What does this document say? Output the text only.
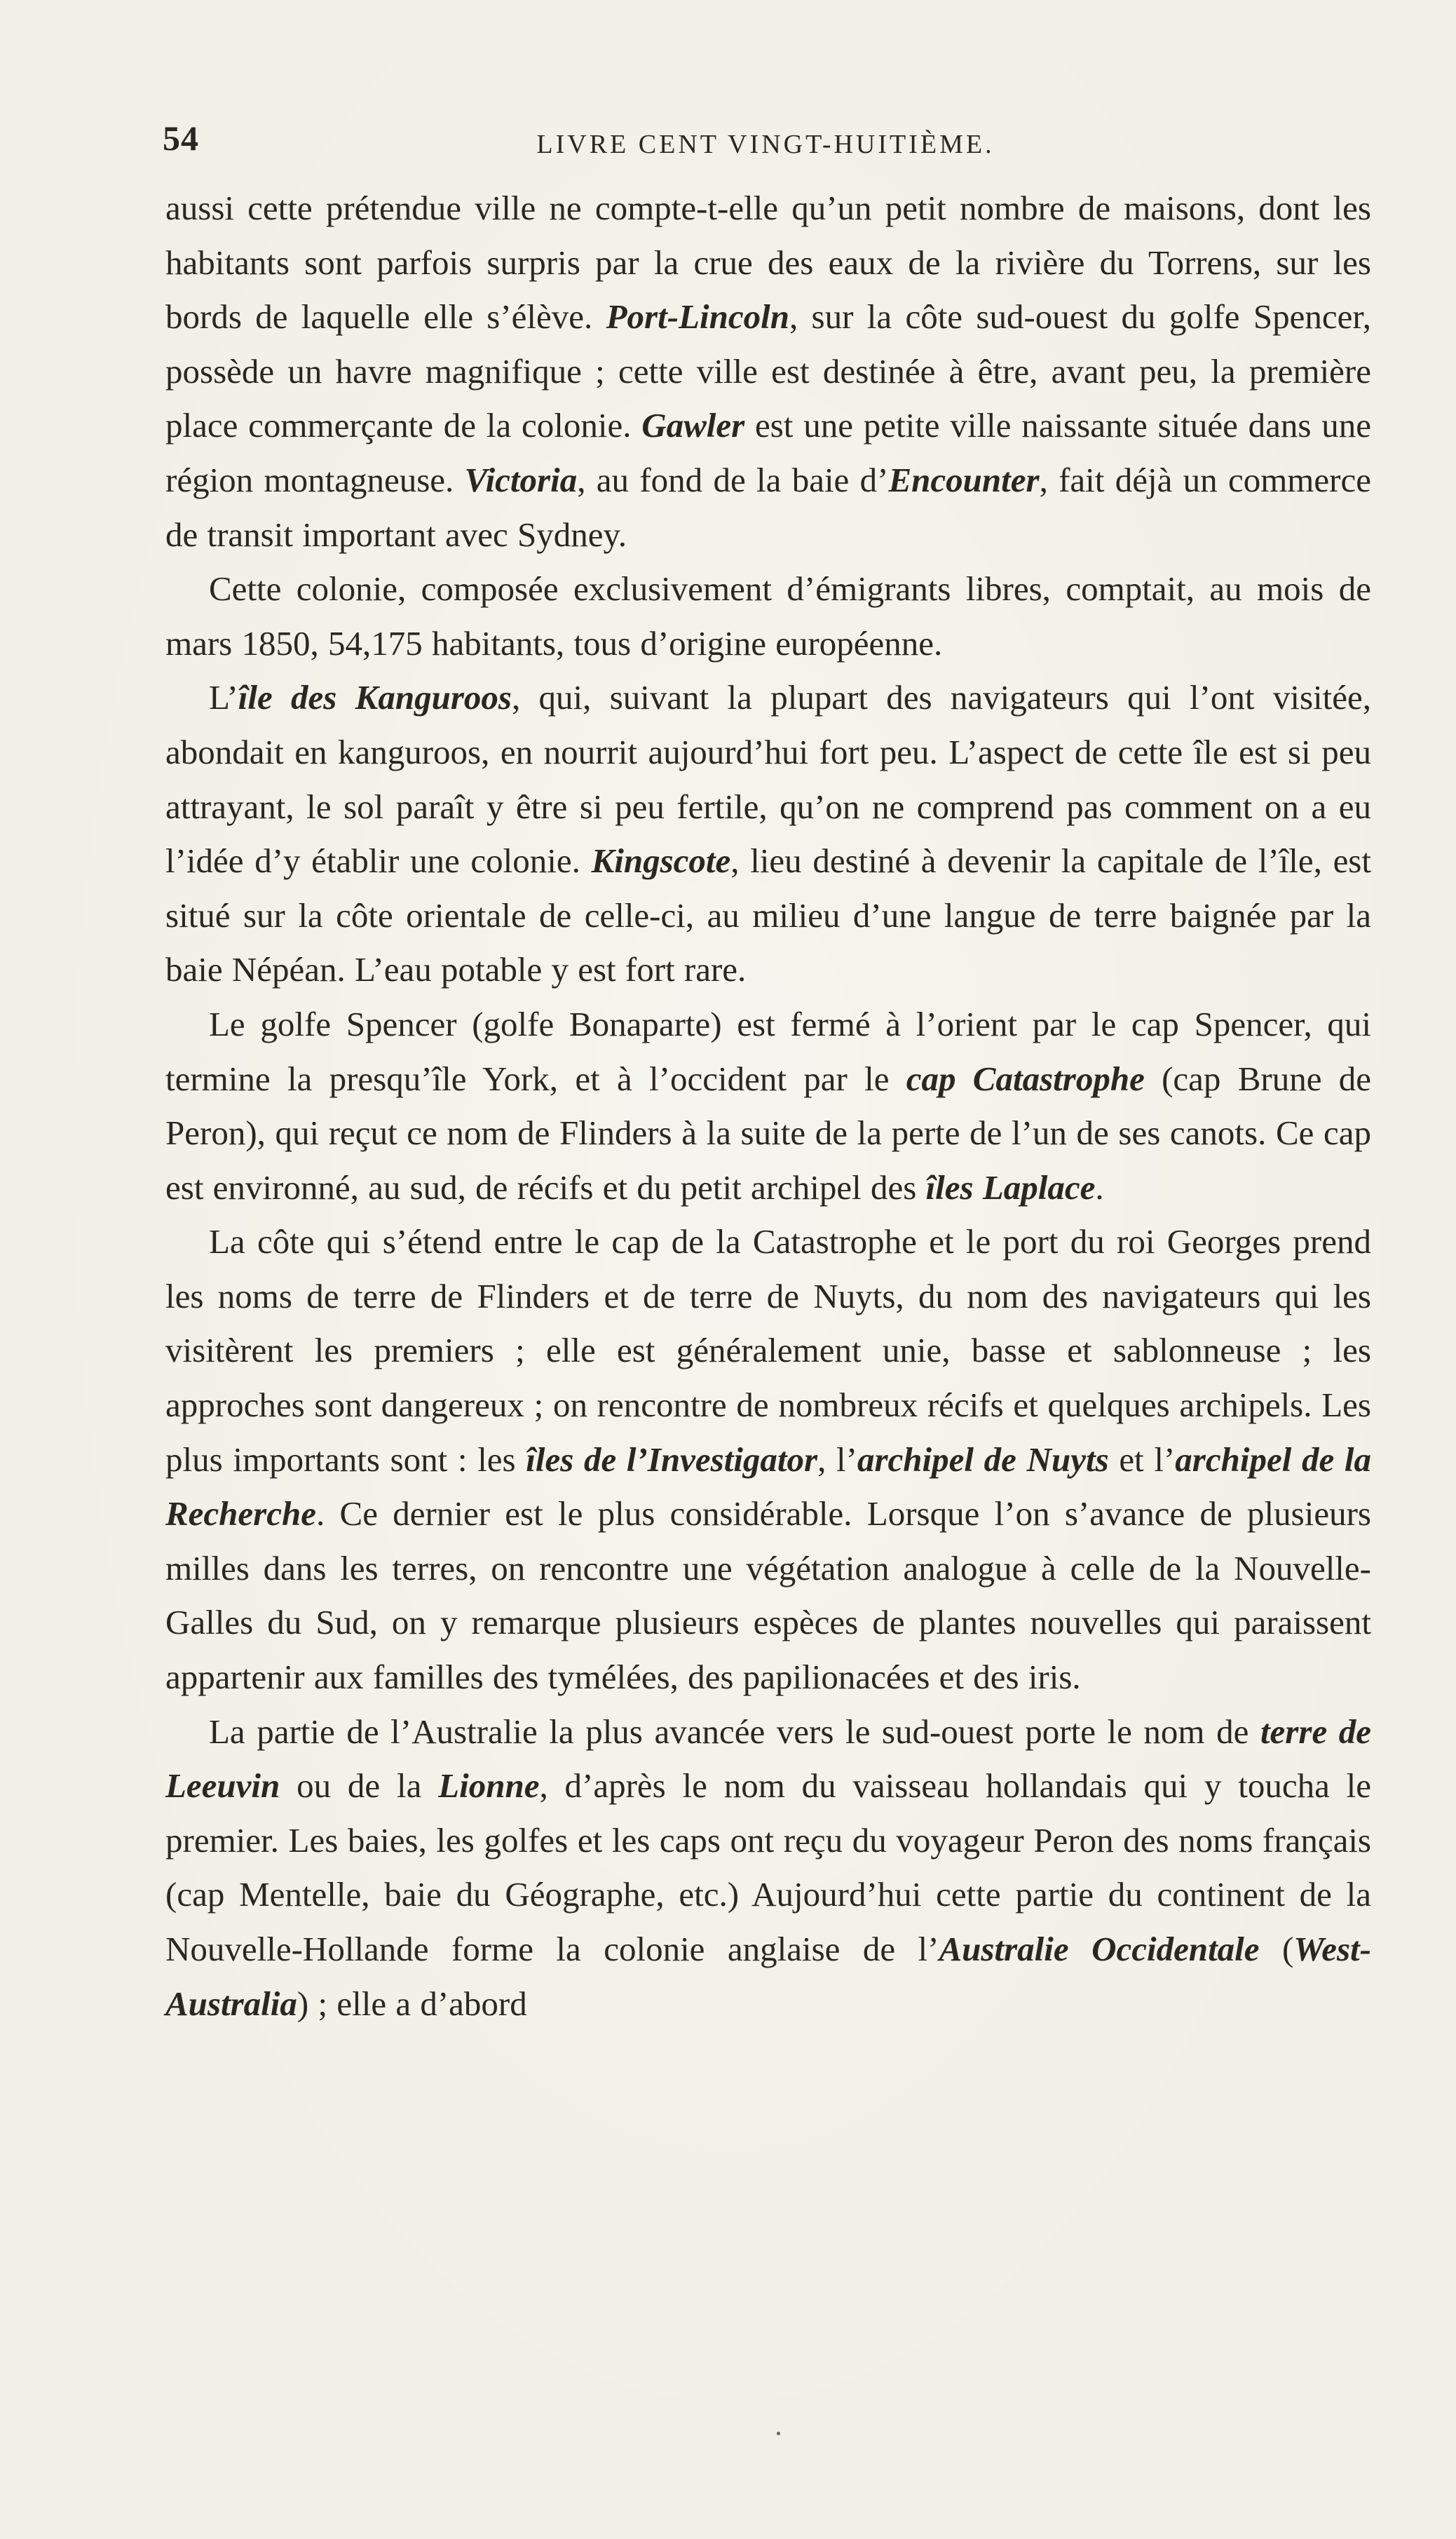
54	LIVRE CENT VINGT-HUITIÈME.

aussi cette prétendue ville ne compte-t-elle qu’un petit nombre de maisons, dont les habitants sont parfois surpris par la crue des eaux de la rivière du Torrens, sur les bords de laquelle elle s’élève. Port-Lincoln, sur la côte sud-ouest du golfe Spencer, possède un havre magnifique ; cette ville est destinée à être, avant peu, la première place commerçante de la colonie. Gawler est une petite ville naissante située dans une région montagneuse. Victoria, au fond de la baie d’Encounter, fait déjà un commerce de transit important avec Sydney.

Cette colonie, composée exclusivement d’émigrants libres, comptait, au mois de mars 1850, 54,175 habitants, tous d’origine européenne.

L’île des Kanguroos, qui, suivant la plupart des navigateurs qui l’ont visitée, abondait en kanguroos, en nourrit aujourd’hui fort peu. L’aspect de cette île est si peu attrayant, le sol paraît y être si peu fertile, qu’on ne comprend pas comment on a eu l’idée d’y établir une colonie. Kingscote, lieu destiné à devenir la capitale de l’île, est situé sur la côte orientale de celle-ci, au milieu d’une langue de terre baignée par la baie Népéan. L’eau potable y est fort rare.

Le golfe Spencer (golfe Bonaparte) est fermé à l’orient par le cap Spencer, qui termine la presqu’île York, et à l’occident par le cap Catastrophe (cap Brune de Peron), qui reçut ce nom de Flinders à la suite de la perte de l’un de ses canots. Ce cap est environné, au sud, de récifs et du petit archipel des îles Laplace.

La côte qui s’étend entre le cap de la Catastrophe et le port du roi Georges prend les noms de terre de Flinders et de terre de Nuyts, du nom des navigateurs qui les visitèrent les premiers ; elle est généralement unie, basse et sablonneuse ; les approches sont dangereux ; on rencontre de nombreux récifs et quelques archipels. Les plus importants sont : les îles de l’Investigator, l’archipel de Nuyts et l’archipel de la Recherche. Ce dernier est le plus considérable. Lorsque l’on s’avance de plusieurs milles dans les terres, on rencontre une végétation analogue à celle de la Nouvelle-Galles du Sud, on y remarque plusieurs espèces de plantes nouvelles qui paraissent appartenir aux familles des tymélées, des papilionacées et des iris.

La partie de l’Australie la plus avancée vers le sud-ouest porte le nom de terre de Leeuvin ou de la Lionne, d’après le nom du vaisseau hollandais qui y toucha le premier. Les baies, les golfes et les caps ont reçu du voyageur Peron des noms français (cap Mentelle, baie du Géographe, etc.) Aujourd’hui cette partie du continent de la Nouvelle-Hollande forme la colonie anglaise de l’Australie Occidentale (West-Australia) ; elle a d’abord
